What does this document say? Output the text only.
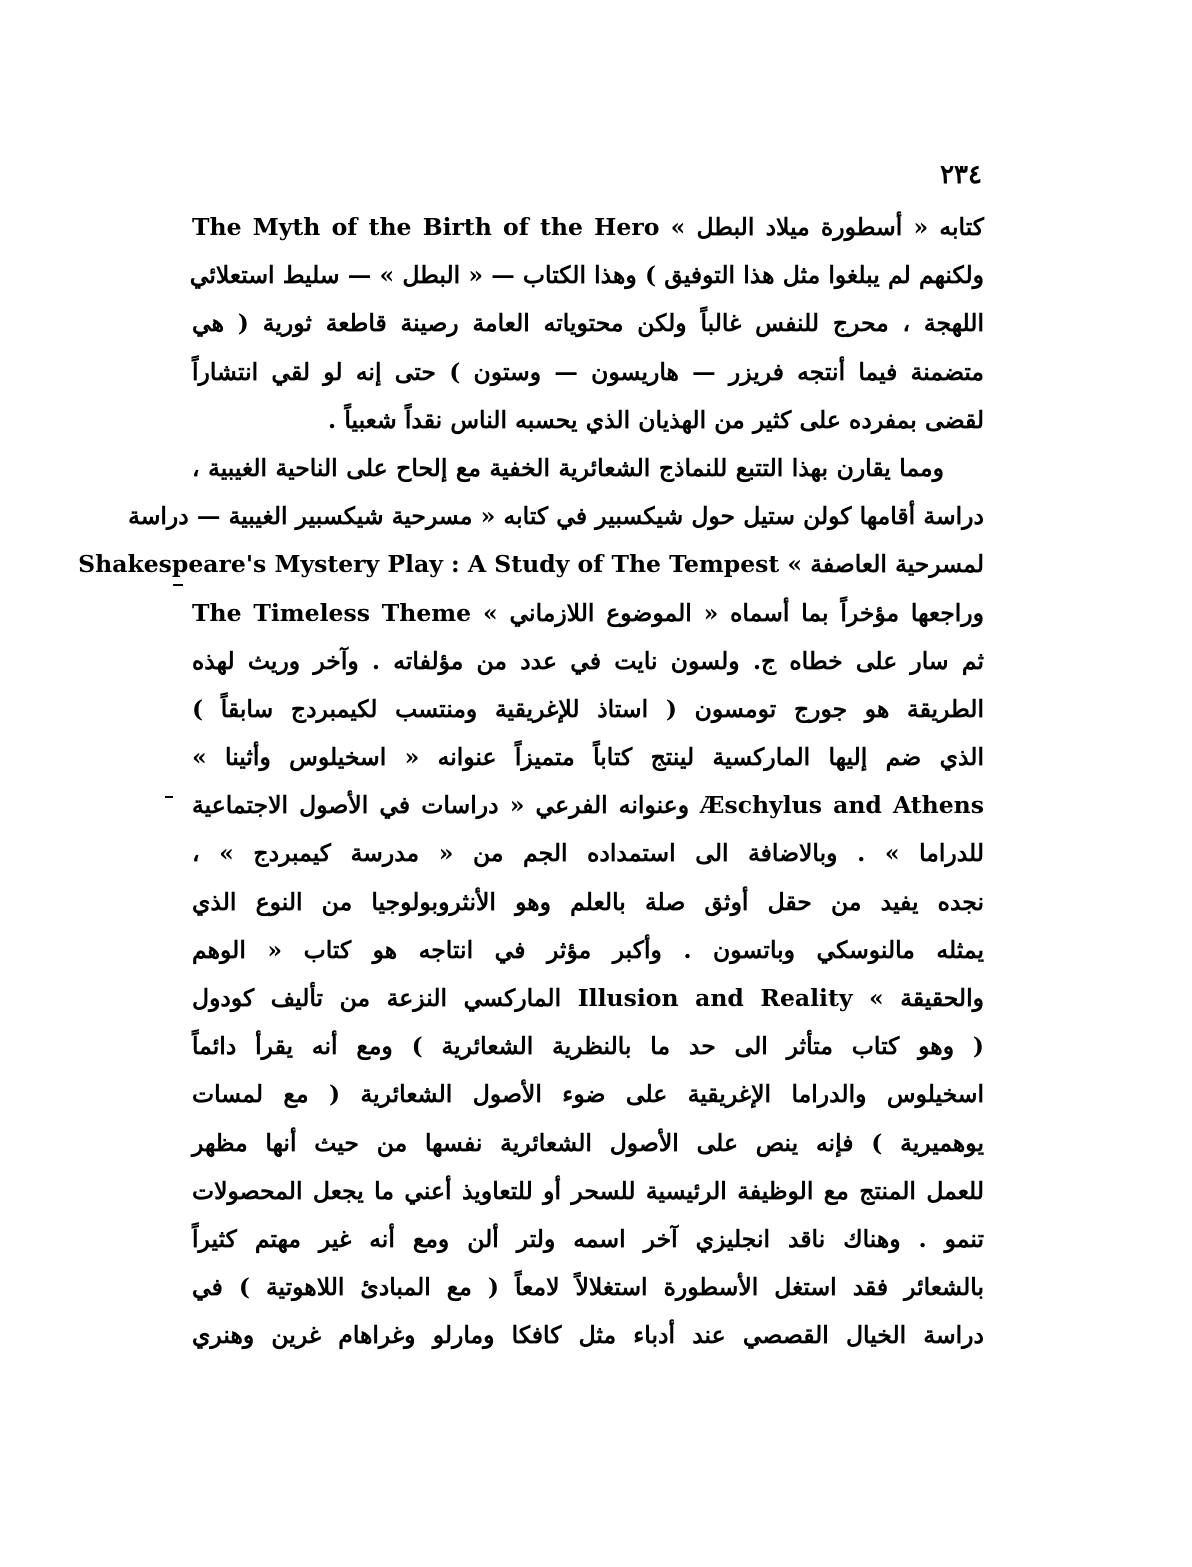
٢٣٤
كتابه « أسطورة ميلاد البطل » The Myth of the Birth of the Hero
ولكنهم لم يبلغوا مثل هذا التوفيق ) وهذا الكتاب — « البطل » — سليط استعلائي
اللهجة ، محرج للنفس غالباً ولكن محتوياته العامة رصينة قاطعة ثورية ( هي
متضمنة فيما أنتجه فريزر — هاريسون — وستون ) حتى إنه لو لقي انتشاراً
لقضى بمفرده على كثير من الهذيان الذي يحسبه الناس نقداً شعبياً .
ومما يقارن بهذا التتبع للنماذج الشعائرية الخفية مع إلحاح على الناحية الغيبية ،
دراسة أقامها كولن ستيل حول شيكسبير في كتابه « مسرحية شيكسبير الغيبية — دراسة
لمسرحية العاصفة » Shakespeare's Mystery Play : A Study of The Tempest
وراجعها مؤخراً بما أسماه « الموضوع اللازماني » The Timeless Theme
ثم سار على خطاه ج. ولسون نايت في عدد من مؤلفاته . وآخر وريث لهذه
الطريقة هو جورج تومسون ( استاذ للإغريقية ومنتسب لكيمبردج سابقاً )
الذي ضم إليها الماركسية لينتج كتاباً متميزاً عنوانه « اسخيلوس وأثينا »
Æschylus and Athens وعنوانه الفرعي « دراسات في الأصول الاجتماعية
للدراما » . وبالاضافة الى استمداده الجم من « مدرسة كيمبردج » ،
نجده يفيد من حقل أوثق صلة بالعلم وهو الأنثروبولوجيا من النوع الذي
يمثله مالنوسكي وباتسون . وأكبر مؤثر في انتاجه هو كتاب « الوهم
والحقيقة » Illusion and Reality الماركسي النزعة من تأليف كودول
( وهو كتاب متأثر الى حد ما بالنظرية الشعائرية ) ومع أنه يقرأ دائماً
اسخيلوس والدراما الإغريقية على ضوء الأصول الشعائرية ( مع لمسات
يوهميرية ) فإنه ينص على الأصول الشعائرية نفسها من حيث أنها مظهر
للعمل المنتج مع الوظيفة الرئيسية للسحر أو للتعاويذ أعني ما يجعل المحصولات
تنمو . وهناك ناقد انجليزي آخر اسمه ولتر ألن ومع أنه غير مهتم كثيراً
بالشعائر فقد استغل الأسطورة استغلالاً لامعاً ( مع المبادئ اللاهوتية ) في
دراسة الخيال القصصي عند أدباء مثل كافكا ومارلو وغراهام غرين وهنري
